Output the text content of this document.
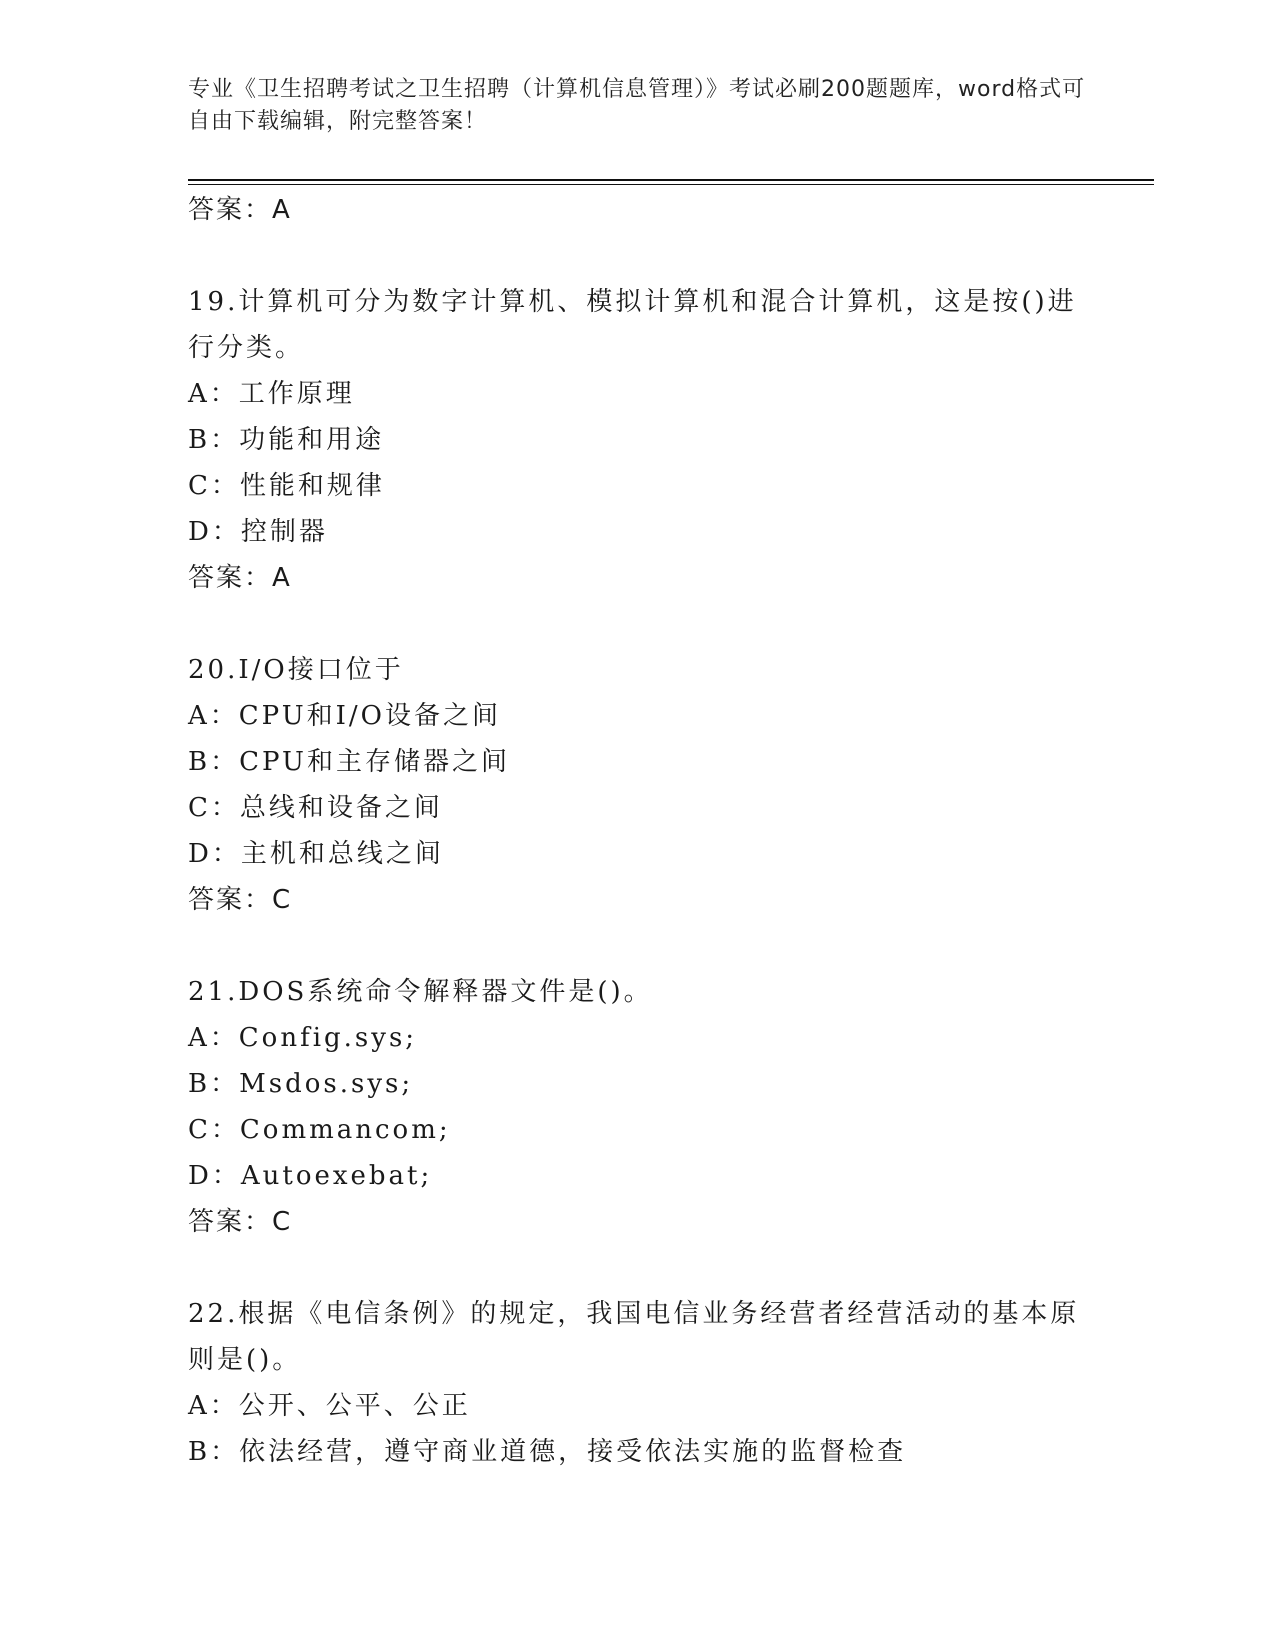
专业《卫生招聘考试之卫生招聘（计算机信息管理）》考试必刷200题题库，word格式可自由下载编辑，附完整答案！
答案：A
19.计算机可分为数字计算机、模拟计算机和混合计算机，这是按()进行分类。
A：工作原理
B：功能和用途
C：性能和规律
D：控制器
答案：A
20.I/O接口位于
A：CPU和I/O设备之间
B：CPU和主存储器之间
C：总线和设备之间
D：主机和总线之间
答案：C
21.DOS系统命令解释器文件是()。
A：Config.sys;
B：Msdos.sys;
C：Commancom;
D：Autoexebat;
答案：C
22.根据《电信条例》的规定，我国电信业务经营者经营活动的基本原则是()。
A：公开、公平、公正
B：依法经营，遵守商业道德，接受依法实施的监督检查
